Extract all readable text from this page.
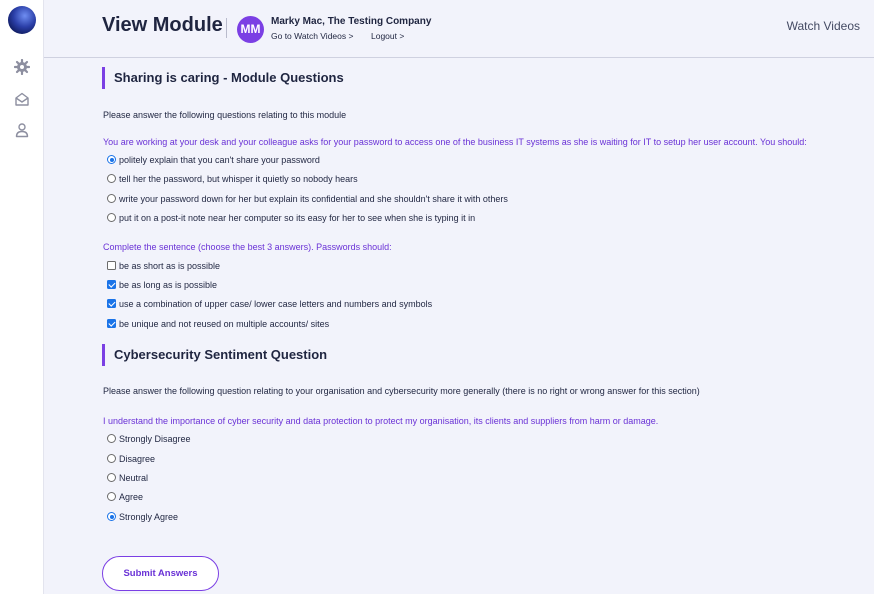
View Module MM
Marky Mac, The Testing Company
Go to Watch Videos > Logout >
Watch Videos
Sharing is caring - Module Questions
Please answer the following questions relating to this module
You are working at your desk and your colleague asks for your password to access one of the business IT systems as she is waiting for IT to setup her user account. You should:
politely explain that you can't share your password
tell her the password, but whisper it quietly so nobody hears
write your password down for her but explain its confidential and she shouldn't share it with others
put it on a post-it note near her computer so its easy for her to see when she is typing it in
Complete the sentence (choose the best 3 answers). Passwords should:
be as short as is possible
be as long as is possible
use a combination of upper case/ lower case letters and numbers and symbols
be unique and not reused on multiple accounts/ sites
Cybersecurity Sentiment Question
Please answer the following question relating to your organisation and cybersecurity more generally (there is no right or wrong answer for this section)
I understand the importance of cyber security and data protection to protect my organisation, its clients and suppliers from harm or damage.
Strongly Disagree
Disagree
Neutral
Agree
Strongly Agree
Submit Answers
